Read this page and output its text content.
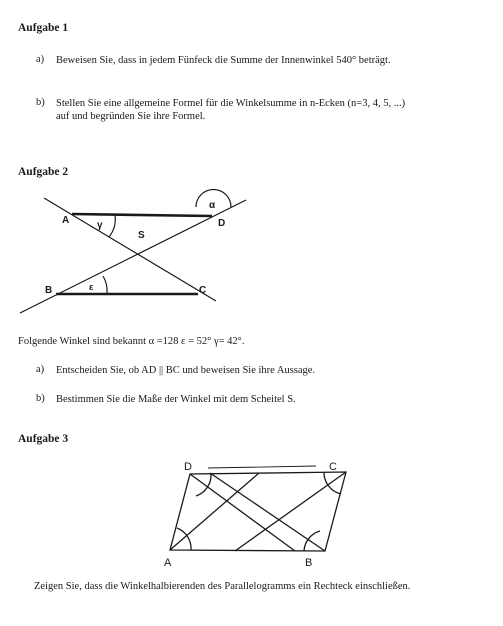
Aufgabe 1
a) Beweisen Sie, dass in jedem Fünfeck die Summe der Innenwinkel 540° beträgt.
b) Stellen Sie eine allgemeine Formel für die Winkelsumme in n-Ecken (n=3, 4, 5, ...)
auf und begründen Sie ihre Formel.
Aufgabe 2
A	D
B	C
S
α
γ
ε
A	B
C
D
Folgende Winkel sind bekannt α =128 ε = 52° γ= 42°.
a) Entscheiden Sie, ob AD || BC und beweisen Sie ihre Aussage.
b) Bestimmen Sie die Maße der Winkel mit dem Scheitel S.
Aufgabe 3
Zeigen Sie, dass die Winkelhalbierenden des Parallelogramms ein Rechteck einschließen.
